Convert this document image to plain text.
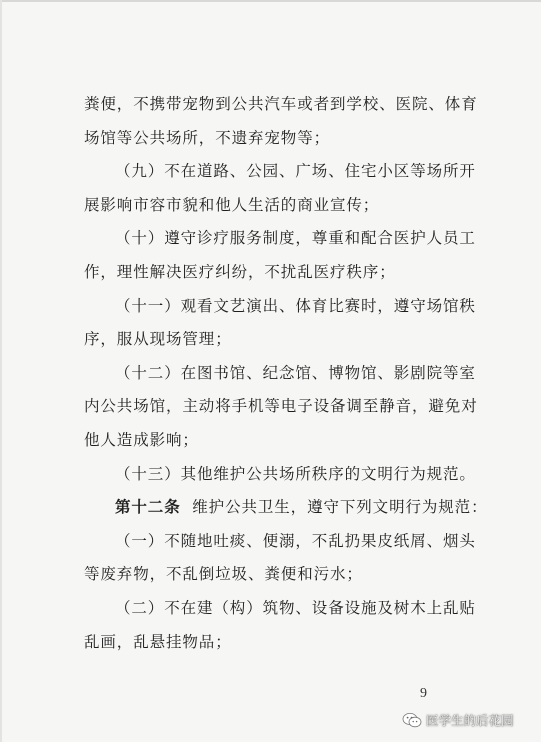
粪便，不携带宠物到公共汽车或者到学校、医院、体育

场馆等公共场所，不遗弃宠物等；

（九）不在道路、公园、广场、住宅小区等场所开

展影响市容市貌和他人生活的商业宣传；

（十）遵守诊疗服务制度，尊重和配合医护人员工

作，理性解决医疗纠纷，不扰乱医疗秩序；

（十一）观看文艺演出、体育比赛时，遵守场馆秩

序，服从现场管理；

（十二）在图书馆、纪念馆、博物馆、影剧院等室

内公共场馆，主动将手机等电子设备调至静音，避免对

他人造成影响；

（十三）其他维护公共场所秩序的文明行为规范。

第十二条 维护公共卫生，遵守下列文明行为规范：

（一）不随地吐痰、便溺，不乱扔果皮纸屑、烟头

等废弃物，不乱倒垃圾、粪便和污水；

（二）不在建（构）筑物、设备设施及树木上乱贴

乱画，乱悬挂物品；

9
医学生的后花园
